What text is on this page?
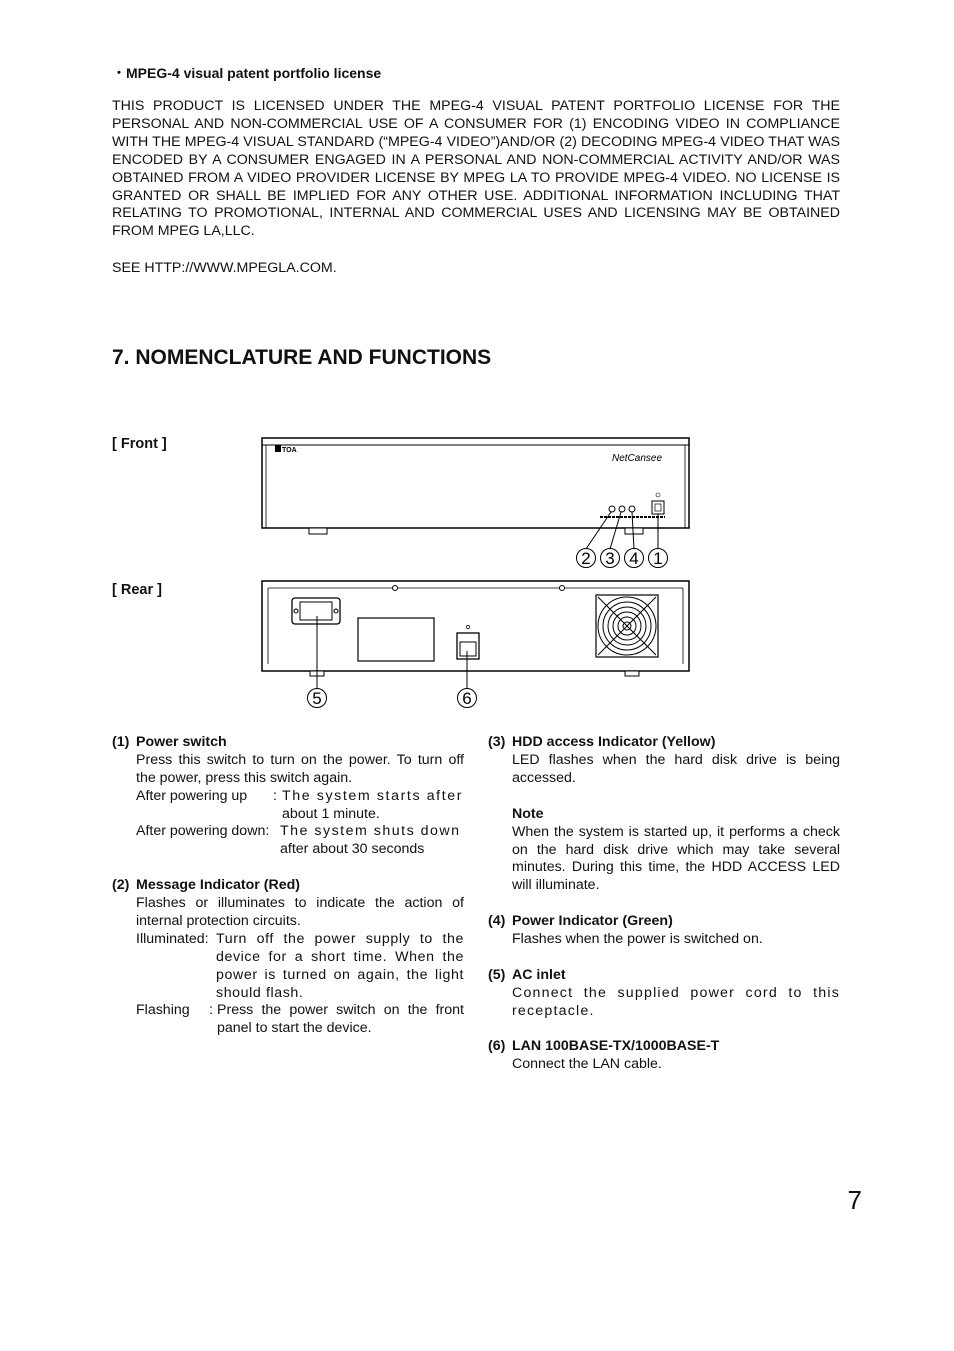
・MPEG-4 visual patent portfolio license
THIS PRODUCT IS LICENSED UNDER THE MPEG-4 VISUAL PATENT PORTFOLIO LICENSE FOR THE PERSONAL AND NON-COMMERCIAL USE OF A CONSUMER FOR (1) ENCODING VIDEO IN COMPLIANCE WITH THE MPEG-4 VISUAL STANDARD (“MPEG-4 VIDEO”)AND/OR (2) DECODING MPEG-4 VIDEO THAT WAS ENCODED BY A CONSUMER ENGAGED IN A PERSONAL AND NON-COMMERCIAL ACTIVITY AND/OR WAS OBTAINED FROM A VIDEO PROVIDER LICENSE BY MPEG LA TO PROVIDE MPEG-4 VIDEO. NO LICENSE IS GRANTED OR SHALL BE IMPLIED FOR ANY OTHER USE. ADDITIONAL INFORMATION INCLUDING THAT RELATING TO PROMOTIONAL, INTERNAL AND COMMERCIAL USES AND LICENSING MAY BE OBTAINED FROM MPEG LA,LLC.
SEE HTTP://WWW.MPEGLA.COM.
7. NOMENCLATURE AND FUNCTIONS
[ Front ]
[ Rear ]
TOA
NetCansee
2 3 4 1
5	6
(1) Power switch
Press this switch to turn on the power. To turn off the power, press this switch again.
After powering up	: The system starts after
about 1 minute.
After powering down: The system shuts down
after about 30 seconds
(2) Message Indicator (Red)
Flashes or illuminates to indicate the action of internal protection circuits.
Illuminated: Turn off the power supply to the device for a short time. When the power is turned on again, the light should flash.
Flashing : Press the power switch on the front panel to start the device.
(3) HDD access Indicator (Yellow)
LED flashes when the hard disk drive is being accessed.
Note
When the system is started up, it performs a check on the hard disk drive which may take several minutes. During this time, the HDD ACCESS LED will illuminate.
(4) Power Indicator (Green)
Flashes when the power is switched on.
(5) AC inlet
Connect the supplied power cord to this receptacle.
(6) LAN 100BASE-TX/1000BASE-T
Connect the LAN cable.
7
